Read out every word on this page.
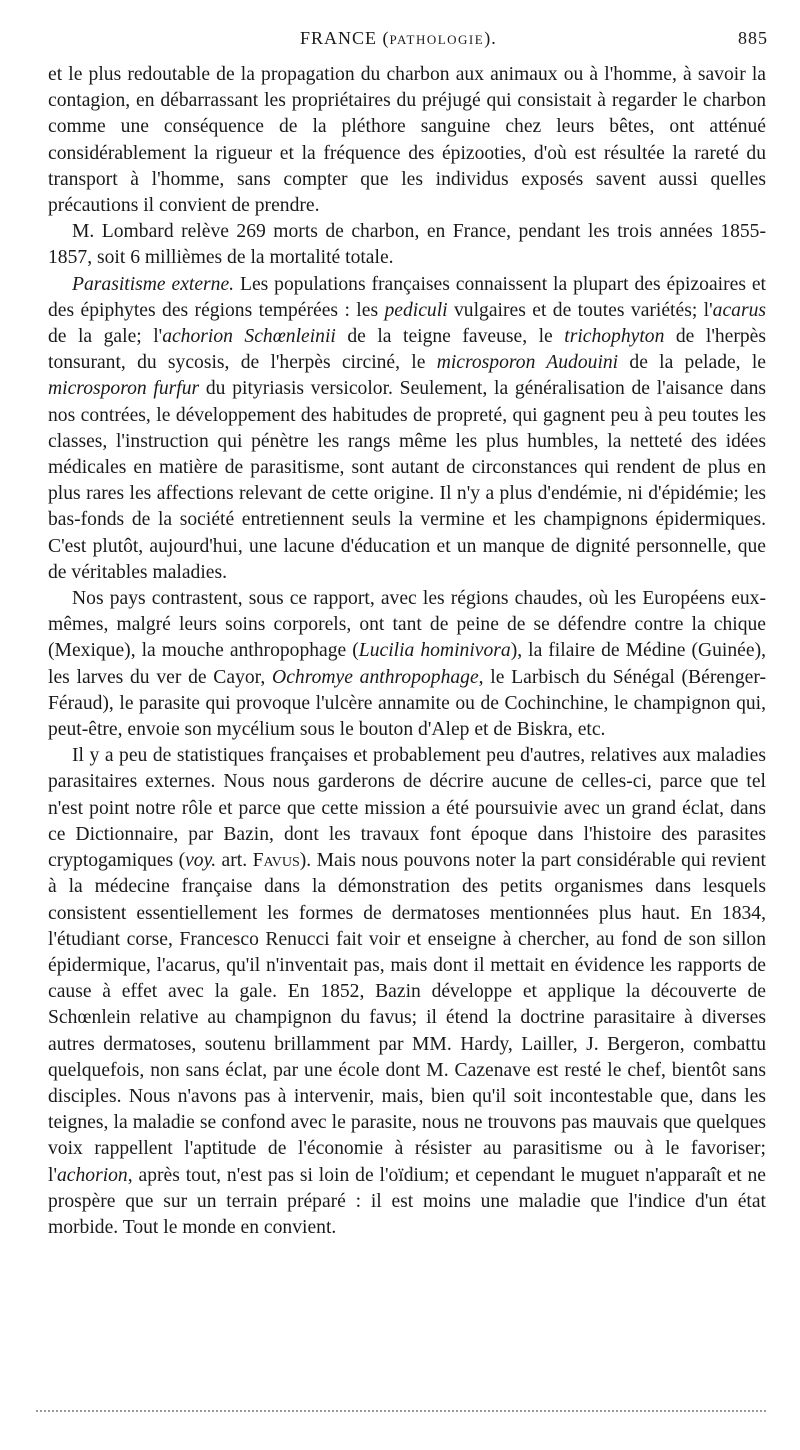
FRANCE (PATHOLOGIE).	885

et le plus redoutable de la propagation du charbon aux animaux ou à l'homme, à savoir la contagion, en débarrassant les propriétaires du préjugé qui consistait à regarder le charbon comme une conséquence de la pléthore sanguine chez leurs bêtes, ont atténué considérablement la rigueur et la fréquence des épizooties, d'où est résultée la rareté du transport à l'homme, sans compter que les individus exposés savent aussi quelles précautions il convient de prendre.

M. Lombard relève 269 morts de charbon, en France, pendant les trois années 1855-1857, soit 6 millièmes de la mortalité totale.

Parasitisme externe. Les populations françaises connaissent la plupart des épizoaires et des épiphytes des régions tempérées : les pediculi vulgaires et de toutes variétés; l'acarus de la gale; l'achorion Schœnleinii de la teigne faveuse, le trichophyton de l'herpès tonsurant, du sycosis, de l'herpès circiné, le microsporon Audouini de la pelade, le microsporon furfur du pityriasis versicolor. Seulement, la généralisation de l'aisance dans nos contrées, le développement des habitudes de propreté, qui gagnent peu à peu toutes les classes, l'instruction qui pénètre les rangs même les plus humbles, la netteté des idées médicales en matière de parasitisme, sont autant de circonstances qui rendent de plus en plus rares les affections relevant de cette origine. Il n'y a plus d'endémie, ni d'épidémie; les bas-fonds de la société entretiennent seuls la vermine et les champignons épidermiques. C'est plutôt, aujourd'hui, une lacune d'éducation et un manque de dignité personnelle, que de véritables maladies.

Nos pays contrastent, sous ce rapport, avec les régions chaudes, où les Européens eux-mêmes, malgré leurs soins corporels, ont tant de peine de se défendre contre la chique (Mexique), la mouche anthropophage (Lucilia hominivora), la filaire de Médine (Guinée), les larves du ver de Cayor, Ochromye anthropophage, le Larbisch du Sénégal (Bérenger-Féraud), le parasite qui provoque l'ulcère annamite ou de Cochinchine, le champignon qui, peut-être, envoie son mycélium sous le bouton d'Alep et de Biskra, etc.

Il y a peu de statistiques françaises et probablement peu d'autres, relatives aux maladies parasitaires externes. Nous nous garderons de décrire aucune de celles-ci, parce que tel n'est point notre rôle et parce que cette mission a été poursuivie avec un grand éclat, dans ce Dictionnaire, par Bazin, dont les travaux font époque dans l'histoire des parasites cryptogamiques (voy. art. Favus). Mais nous pouvons noter la part considérable qui revient à la médecine française dans la démonstration des petits organismes dans lesquels consistent essentiellement les formes de dermatoses mentionnées plus haut. En 1834, l'étudiant corse, Francesco Renucci fait voir et enseigne à chercher, au fond de son sillon épidermique, l'acarus, qu'il n'inventait pas, mais dont il mettait en évidence les rapports de cause à effet avec la gale. En 1852, Bazin développe et applique la découverte de Schœnlein relative au champignon du favus; il étend la doctrine parasitaire à diverses autres dermatoses, soutenu brillamment par MM. Hardy, Lailler, J. Bergeron, combattu quelquefois, non sans éclat, par une école dont M. Cazenave est resté le chef, bientôt sans disciples. Nous n'avons pas à intervenir, mais, bien qu'il soit incontestable que, dans les teignes, la maladie se confond avec le parasite, nous ne trouvons pas mauvais que quelques voix rappellent l'aptitude de l'économie à résister au parasitisme ou à le favoriser; l'achorion, après tout, n'est pas si loin de l'oïdium; et cependant le muguet n'apparaît et ne prospère que sur un terrain préparé : il est moins une maladie que l'indice d'un état morbide. Tout le monde en convient.
